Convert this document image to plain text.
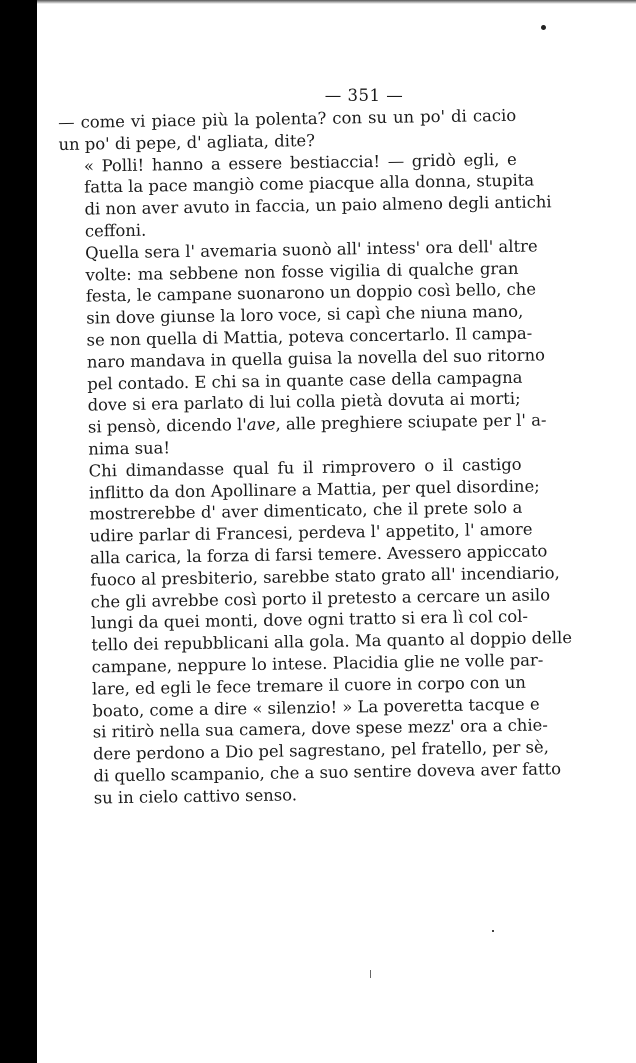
— 351 —

— come vi piace più la polenta? con su un po' di cacio
un po' di pepe, d' agliata, dite?

« Polli! hanno a essere bestiaccia! — gridò egli, e
fatta la pace mangiò come piacque alla donna, stupita
di non aver avuto in faccia, un paio almeno degli antichi
ceffoni.

Quella sera l' avemaria suonò all' intess' ora dell' altre
volte: ma sebbene non fosse vigilia di qualche gran
festa, le campane suonarono un doppio così bello, che
sin dove giunse la loro voce, si capì che niuna mano,
se non quella di Mattia, poteva concertarlo. Il campa-
naro mandava in quella guisa la novella del suo ritorno
pel contado. E chi sa in quante case della campagna
dove si era parlato di lui colla pietà dovuta ai morti;
si pensò, dicendo l'ave, alle preghiere sciupate per l' a-
nima sua!

Chi dimandasse qual fu il rimprovero o il castigo
inflitto da don Apollinare a Mattia, per quel disordine;
mostrerebbe d' aver dimenticato, che il prete solo a
udire parlar di Francesi, perdeva l' appetito, l' amore
alla carica, la forza di farsi temere. Avessero appiccato
fuoco al presbiterio, sarebbe stato grato all' incendiario,
che gli avrebbe così porto il pretesto a cercare un asilo
lungi da quei monti, dove ogni tratto si era lì col col-
tello dei repubblicani alla gola. Ma quanto al doppio delle
campane, neppure lo intese. Placidia glie ne volle par-
lare, ed egli le fece tremare il cuore in corpo con un
boato, come a dire « silenzio! » La poveretta tacque e
si ritirò nella sua camera, dove spese mezz' ora a chie-
dere perdono a Dio pel sagrestano, pel fratello, per sè,
di quello scampanio, che a suo sentire doveva aver fatto
su in cielo cattivo senso.
